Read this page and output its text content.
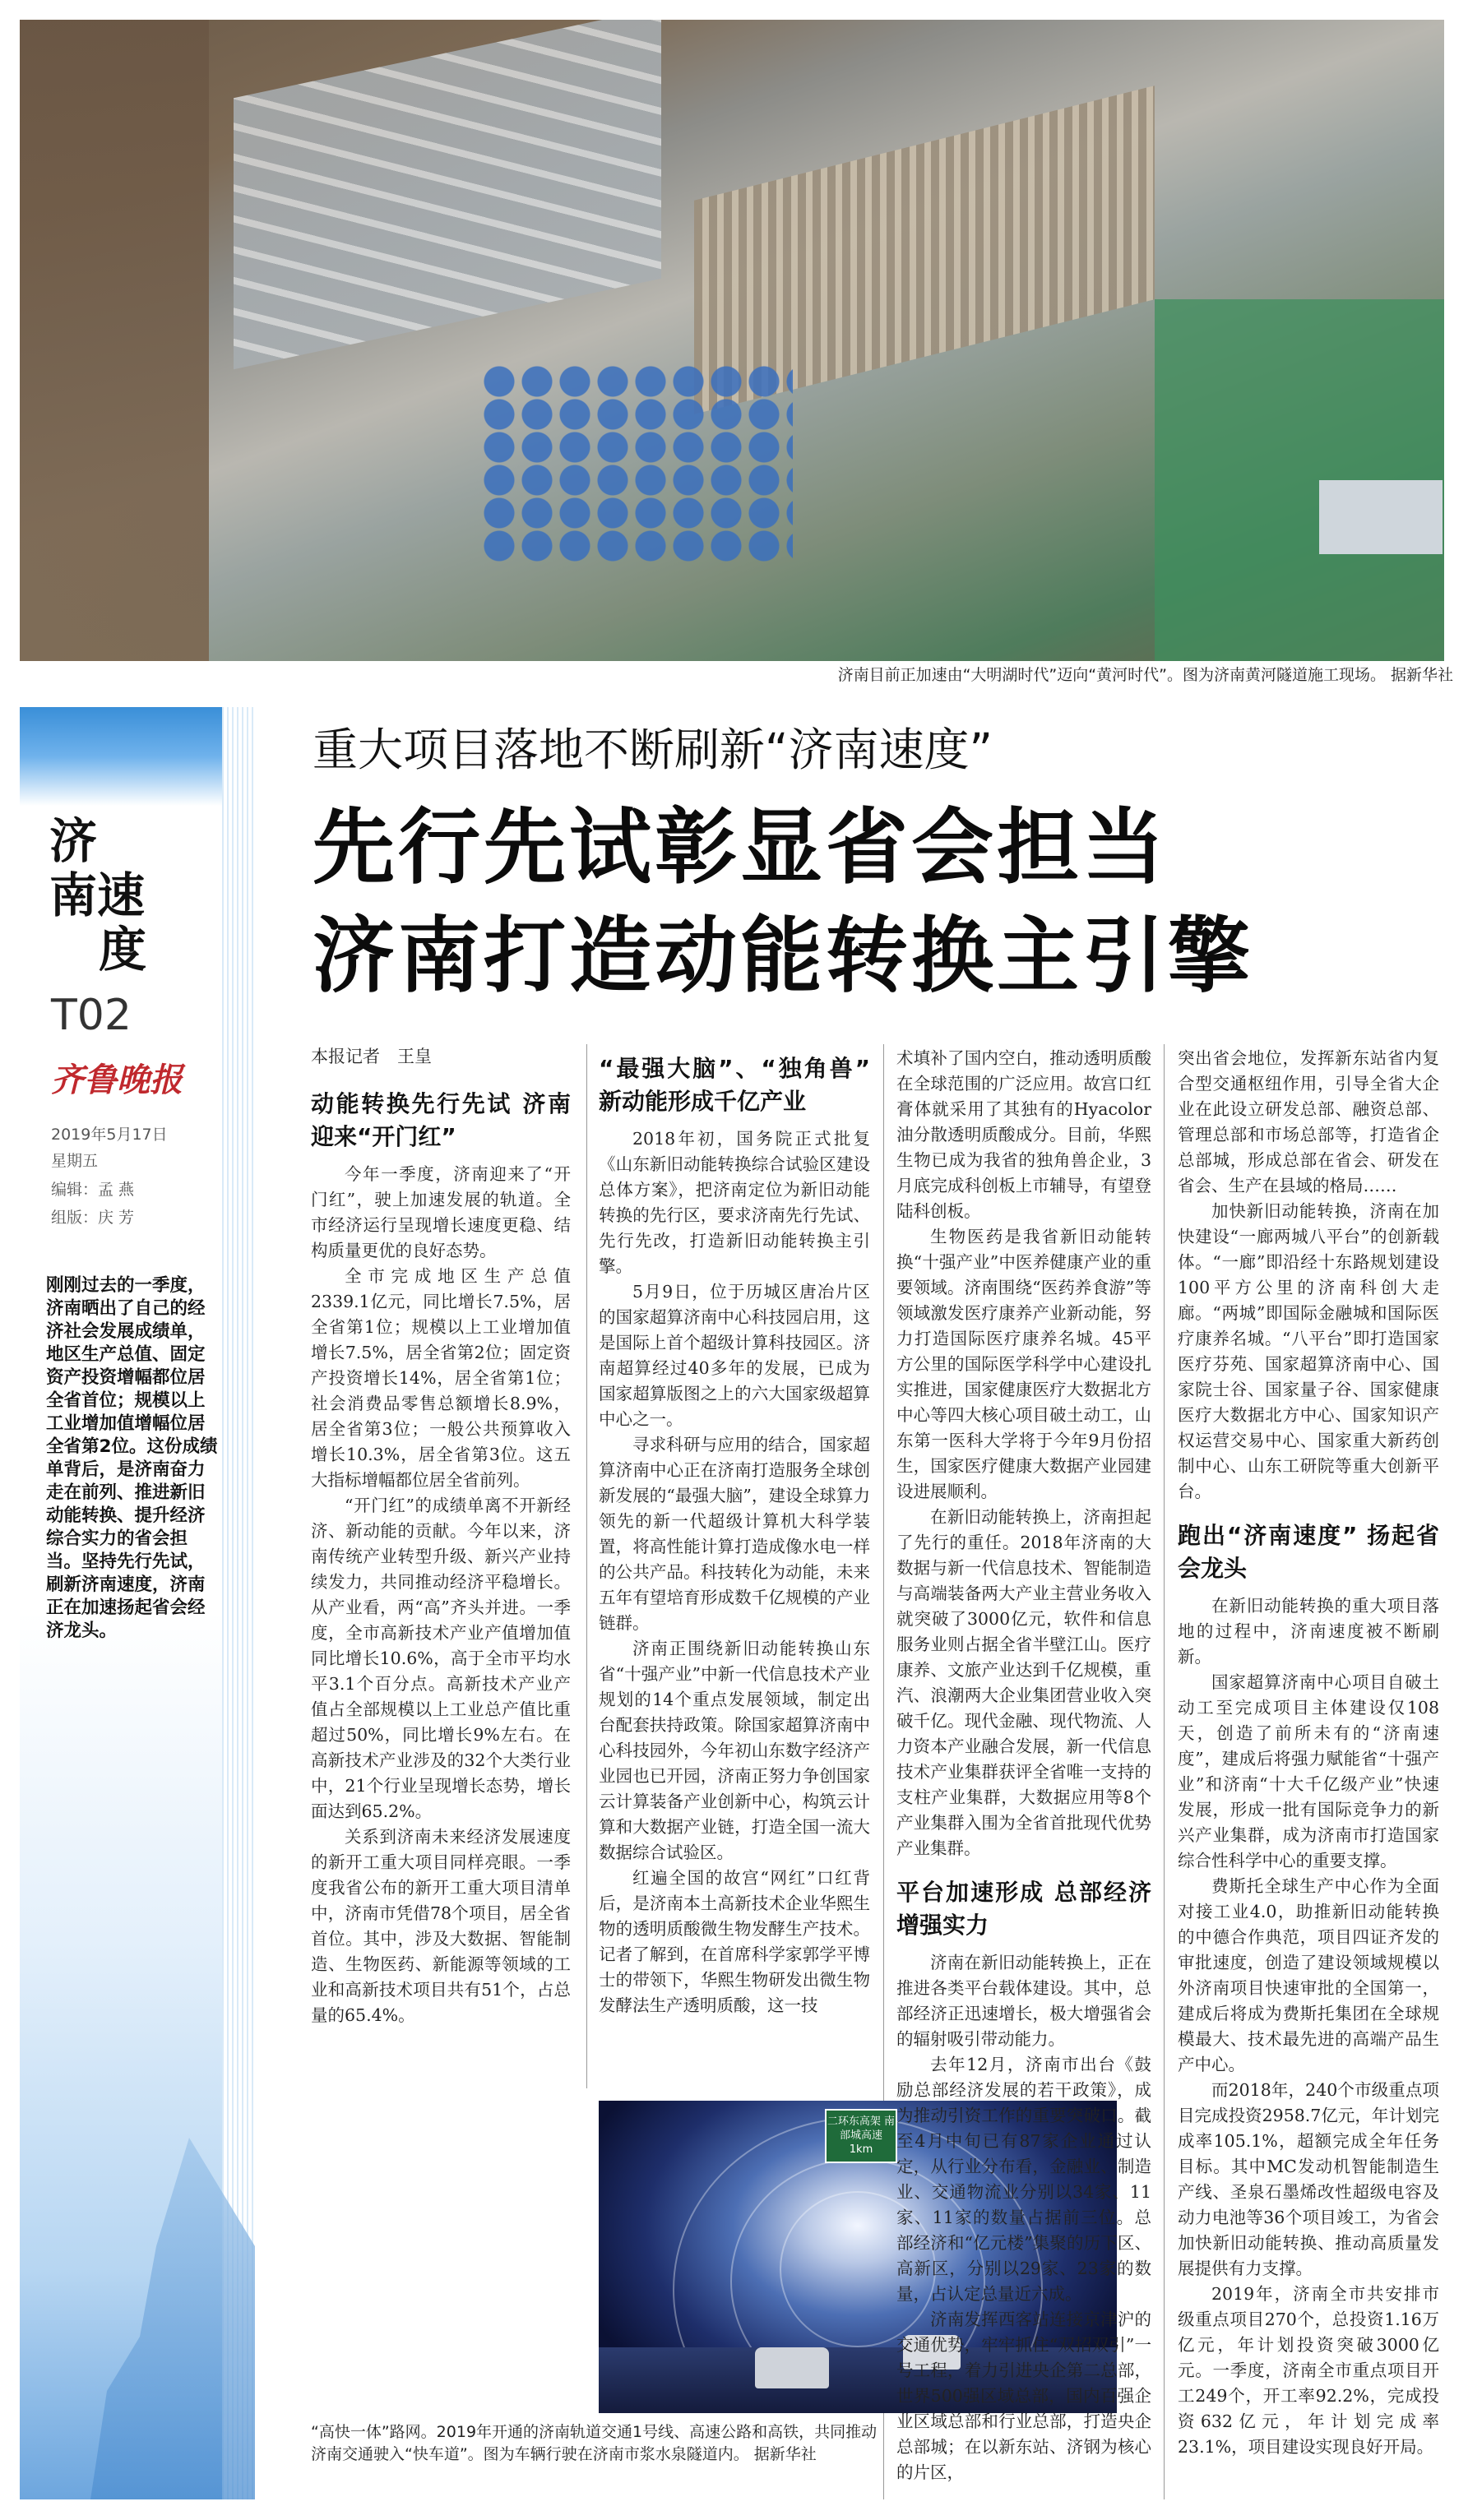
济南目前正加速由“大明湖时代”迈向“黄河时代”。图为济南黄河隧道施工现场。 据新华社
济
南 速
度
T02
齐鲁晚报
2019年5月17日
星期五
编辑：孟 燕
组版：庆 芳
刚刚过去的一季度，济南晒出了自己的经济社会发展成绩单，地区生产总值、固定资产投资增幅都位居全省首位；规模以上工业增加值增幅位居全省第2位。这份成绩单背后，是济南奋力走在前列、推进新旧动能转换、提升经济综合实力的省会担当。坚持先行先试，刷新济南速度，济南正在加速扬起省会经济龙头。
重大项目落地不断刷新“济南速度”
先行先试彰显省会担当
济南打造动能转换主引擎
本报记者　王皇
动能转换先行先试 济南迎来“开门红”

今年一季度，济南迎来了“开门红”，驶上加速发展的轨道。全市经济运行呈现增长速度更稳、结构质量更优的良好态势。

全市完成地区生产总值2339.1亿元，同比增长7.5%，居全省第1位；规模以上工业增加值增长7.5%，居全省第2位；固定资产投资增长14%，居全省第1位；社会消费品零售总额增长8.9%，居全省第3位；一般公共预算收入增长10.3%，居全省第3位。这五大指标增幅都位居全省前列。

“开门红”的成绩单离不开新经济、新动能的贡献。今年以来，济南传统产业转型升级、新兴产业持续发力，共同推动经济平稳增长。从产业看，两“高”齐头并进。一季度，全市高新技术产业产值增加值同比增长10.6%，高于全市平均水平3.1个百分点。高新技术产业产值占全部规模以上工业总产值比重超过50%，同比增长9%左右。在高新技术产业涉及的32个大类行业中，21个行业呈现增长态势，增长面达到65.2%。

关系到济南未来经济发展速度的新开工重大项目同样亮眼。一季度我省公布的新开工重大项目清单中，济南市凭借78个项目，居全省首位。其中，涉及大数据、智能制造、生物医药、新能源等领域的工业和高新技术项目共有51个，占总量的65.4%。

“最强大脑”、“独角兽” 新动能形成千亿产业

2018年初，国务院正式批复《山东新旧动能转换综合试验区建设总体方案》，把济南定位为新旧动能转换的先行区，要求济南先行先试、先行先改，打造新旧动能转换主引擎。

5月9日，位于历城区唐冶片区的国家超算济南中心科技园启用，这是国际上首个超级计算科技园区。济南超算经过40多年的发展，已成为国家超算版图之上的六大国家级超算中心之一。

寻求科研与应用的结合，国家超算济南中心正在济南打造服务全球创新发展的“最强大脑”，建设全球算力领先的新一代超级计算机大科学装置，将高性能计算打造成像水电一样的公共产品。科技转化为动能，未来五年有望培育形成数千亿规模的产业链群。

济南正围绕新旧动能转换山东省“十强产业”中新一代信息技术产业规划的14个重点发展领域，制定出台配套扶持政策。除国家超算济南中心科技园外，今年初山东数字经济产业园也已开园，济南正努力争创国家云计算装备产业创新中心，构筑云计算和大数据产业链，打造全国一流大数据综合试验区。

红遍全国的故宫“网红”口红背后，是济南本土高新技术企业华熙生物的透明质酸微生物发酵生产技术。记者了解到，在首席科学家郭学平博士的带领下，华熙生物研发出微生物发酵法生产透明质酸，这一技

二环东高架 南部城高速 1km
“高快一体”路网。2019年开通的济南轨道交通1号线、高速公路和高铁，共同推动济南交通驶入“快车道”。图为车辆行驶在济南市浆水泉隧道内。 据新华社

术填补了国内空白，推动透明质酸在全球范围的广泛应用。故宫口红膏体就采用了其独有的Hyacolor油分散透明质酸成分。目前，华熙生物已成为我省的独角兽企业，3月底完成科创板上市辅导，有望登陆科创板。

生物医药是我省新旧动能转换“十强产业”中医养健康产业的重要领域。济南围绕“医药养食游”等领域激发医疗康养产业新动能，努力打造国际医疗康养名城。45平方公里的国际医学科学中心建设扎实推进，国家健康医疗大数据北方中心等四大核心项目破土动工，山东第一医科大学将于今年9月份招生，国家医疗健康大数据产业园建设进展顺利。

在新旧动能转换上，济南担起了先行的重任。2018年济南的大数据与新一代信息技术、智能制造与高端装备两大产业主营业务收入就突破了3000亿元，软件和信息服务业则占据全省半壁江山。医疗康养、文旅产业达到千亿规模，重汽、浪潮两大企业集团营业收入突破千亿。现代金融、现代物流、人力资本产业融合发展，新一代信息技术产业集群获评全省唯一支持的支柱产业集群，大数据应用等8个产业集群入围为全省首批现代优势产业集群。

平台加速形成 总部经济增强实力

济南在新旧动能转换上，正在推进各类平台载体建设。其中，总部经济正迅速增长，极大增强省会的辐射吸引带动能力。

去年12月，济南市出台《鼓励总部经济发展的若干政策》，成为推动引资工作的重要突破口。截至4月中旬已有87家企业通过认定，从行业分布看，金融业、制造业、交通物流业分别以34家、11家、11家的数量占据前三位。总部经济和“亿元楼”集聚的历下区、高新区，分别以29家、23家的数量，占认定总量近六成。

济南发挥西客站连接京津沪的交通优势，牢牢抓住“双招双引”一号工程，着力引进央企第二总部，世界500强区域总部，国内百强企业区域总部和行业总部，打造央企总部城；在以新东站、济钢为核心的片区，

突出省会地位，发挥新东站省内复合型交通枢纽作用，引导全省大企业在此设立研发总部、融资总部、管理总部和市场总部等，打造省企总部城，形成总部在省会、研发在省会、生产在县域的格局……

加快新旧动能转换，济南在加快建设“一廊两城八平台”的创新载体。“一廊”即沿经十东路规划建设100平方公里的济南科创大走廊。“两城”即国际金融城和国际医疗康养名城。“八平台”即打造国家医疗芬苑、国家超算济南中心、国家院士谷、国家量子谷、国家健康医疗大数据北方中心、国家知识产权运营交易中心、国家重大新药创制中心、山东工研院等重大创新平台。

跑出“济南速度” 扬起省会龙头

在新旧动能转换的重大项目落地的过程中，济南速度被不断刷新。

国家超算济南中心项目自破土动工至完成项目主体建设仅108天，创造了前所未有的“济南速度”，建成后将强力赋能省“十强产业”和济南“十大千亿级产业”快速发展，形成一批有国际竞争力的新兴产业集群，成为济南市打造国家综合性科学中心的重要支撑。

费斯托全球生产中心作为全面对接工业4.0，助推新旧动能转换的中德合作典范，项目四证齐发的审批速度，创造了建设领域规模以外济南项目快速审批的全国第一，建成后将成为费斯托集团在全球规模最大、技术最先进的高端产品生产中心。

而2018年，240个市级重点项目完成投资2958.7亿元，年计划完成率105.1%，超额完成全年任务目标。其中MC发动机智能制造生产线、圣泉石墨烯改性超级电容及动力电池等36个项目竣工，为省会加快新旧动能转换、推动高质量发展提供有力支撑。

2019年，济南全市共安排市级重点项目270个，总投资1.16万亿元，年计划投资突破3000亿元。一季度，济南全市重点项目开工249个，开工率92.2%，完成投资632亿元，年计划完成率23.1%，项目建设实现良好开局。
